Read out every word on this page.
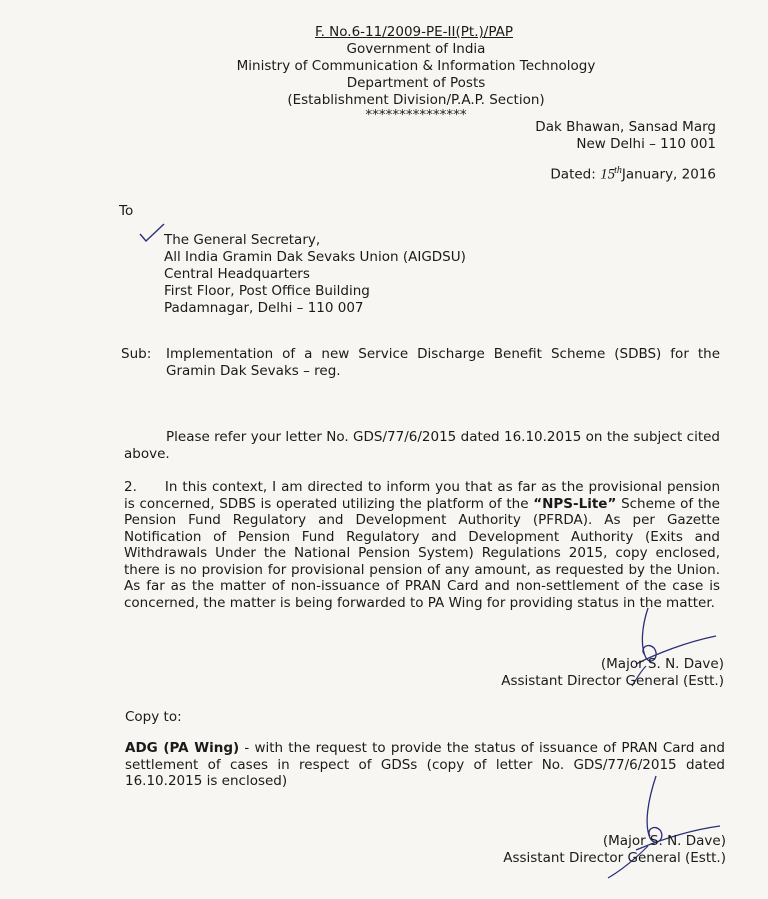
F. No.6-11/2009-PE-II(Pt.)/PAP
Government of India
Ministry of Communication & Information Technology
Department of Posts
(Establishment Division/P.A.P. Section)
***************
Dak Bhawan, Sansad Marg
New Delhi – 110 001
Dated: 15thJanuary, 2016
To
The General Secretary,
All India Gramin Dak Sevaks Union (AIGDSU)
Central Headquarters
First Floor, Post Office Building
Padamnagar, Delhi – 110 007
Sub: Implementation of a new Service Discharge Benefit Scheme (SDBS) for the Gramin Dak Sevaks – reg.
Please refer your letter No. GDS/77/6/2015 dated 16.10.2015 on the subject cited above.
2. In this context, I am directed to inform you that as far as the provisional pension is concerned, SDBS is operated utilizing the platform of the “NPS-Lite” Scheme of the Pension Fund Regulatory and Development Authority (PFRDA). As per Gazette Notification of Pension Fund Regulatory and Development Authority (Exits and Withdrawals Under the National Pension System) Regulations 2015, copy enclosed, there is no provision for provisional pension of any amount, as requested by the Union. As far as the matter of non-issuance of PRAN Card and non-settlement of the case is concerned, the matter is being forwarded to PA Wing for providing status in the matter.
(Major S. N. Dave)
Assistant Director General (Estt.)
Copy to:
ADG (PA Wing) - with the request to provide the status of issuance of PRAN Card and settlement of cases in respect of GDSs (copy of letter No. GDS/77/6/2015 dated 16.10.2015 is enclosed)
(Major S. N. Dave)
Assistant Director General (Estt.)
